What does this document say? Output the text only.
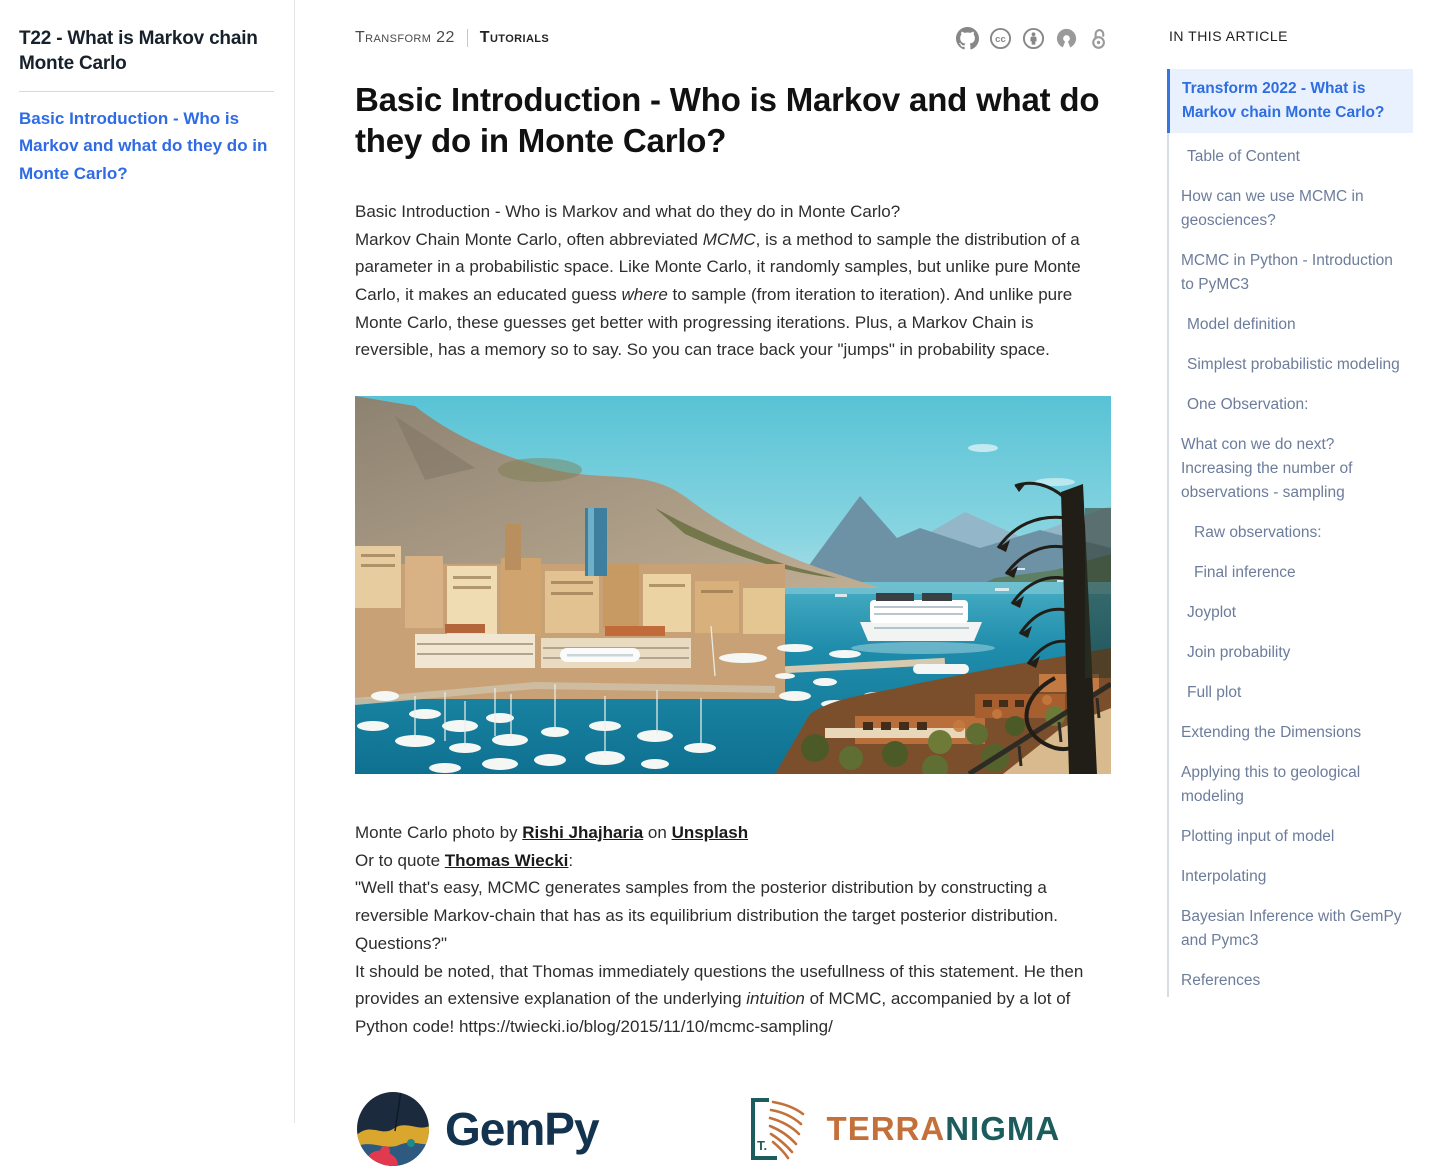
T22 - What is Markov chain Monte Carlo
Basic Introduction - Who is Markov and what do they do in Monte Carlo?
Transform 22 Tutorials	cc
Basic Introduction - Who is Markov and what do they do in Monte Carlo?

Basic Introduction - Who is Markov and what do they do in Monte Carlo?

Markov Chain Monte Carlo, often abbreviated MCMC, is a method to sample the distribution of a parameter in a probabilistic space. Like Monte Carlo, it randomly samples, but unlike pure Monte Carlo, it makes an educated guess where to sample (from iteration to iteration). And unlike pure Monte Carlo, these guesses get better with progressing iterations. Plus, a Markov Chain is reversible, has a memory so to say. So you can trace back your "jumps" in probability space.

Monte Carlo photo by Rishi Jhajharia on Unsplash

Or to quote Thomas Wiecki:

"Well that's easy, MCMC generates samples from the posterior distribution by constructing a reversible Markov-chain that has as its equilibrium distribution the target posterior distribution. Questions?"

It should be noted, that Thomas immediately questions the usefullness of this statement. He then provides an extensive explanation of the underlying intuition of MCMC, accompanied by a lot of Python code! https://twiecki.io/blog/2015/11/10/mcmc-sampling/

GemPy	T. TERRANIGMA
IN THIS ARTICLE
Transform 2022 - What is Markov chain Monte Carlo?
Table of Content
How can we use MCMC in geosciences?
MCMC in Python - Introduction to PyMC3
Model definition
Simplest probabilistic modeling
One Observation:
What con we do next? Increasing the number of observations - sampling
Raw observations:
Final inference
Joyplot
Join probability
Full plot
Extending the Dimensions
Applying this to geological modeling
Plotting input of model
Interpolating
Bayesian Inference with GemPy and Pymc3
References
